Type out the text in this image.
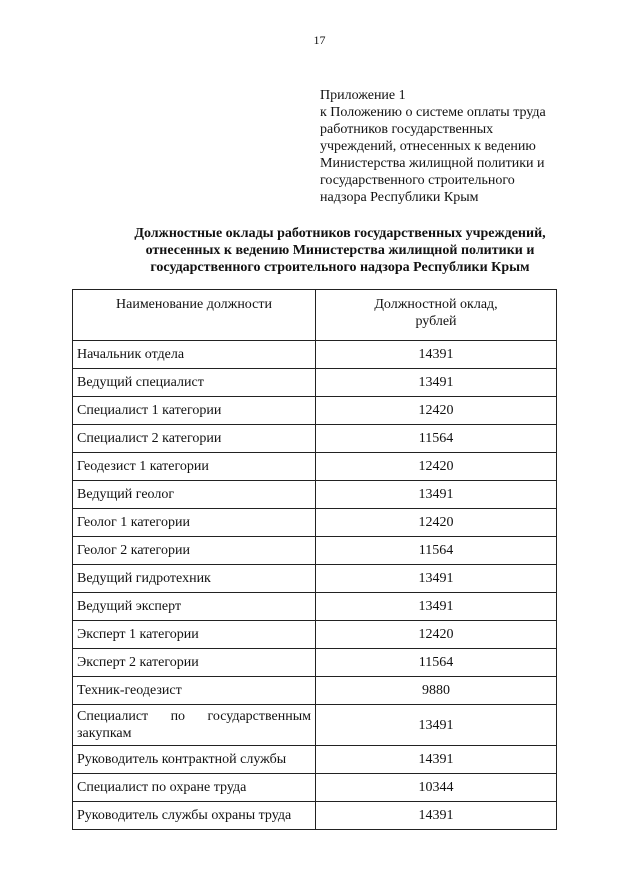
17
Приложение 1
к Положению о системе оплаты труда
работников государственных
учреждений, отнесенных к ведению
Министерства жилищной политики и
государственного строительного
надзора Республики Крым
Должностные оклады работников государственных учреждений,
отнесенных к ведению Министерства жилищной политики и
государственного строительного надзора Республики Крым
Наименование должности	Должностной оклад,
рублей

Начальник отдела	14391
Ведущий специалист	13491
Специалист 1 категории	12420
Специалист 2 категории	11564
Геодезист 1 категории	12420
Ведущий геолог	13491
Геолог 1 категории	12420
Геолог 2 категории	11564
Ведущий гидротехник	13491
Ведущий эксперт	13491
Эксперт 1 категории	12420
Эксперт 2 категории	11564
Техник-геодезист	9880
Специалист по государственным закупкам	13491
Руководитель контрактной службы	14391
Специалист по охране труда	10344
Руководитель службы охраны труда	14391
